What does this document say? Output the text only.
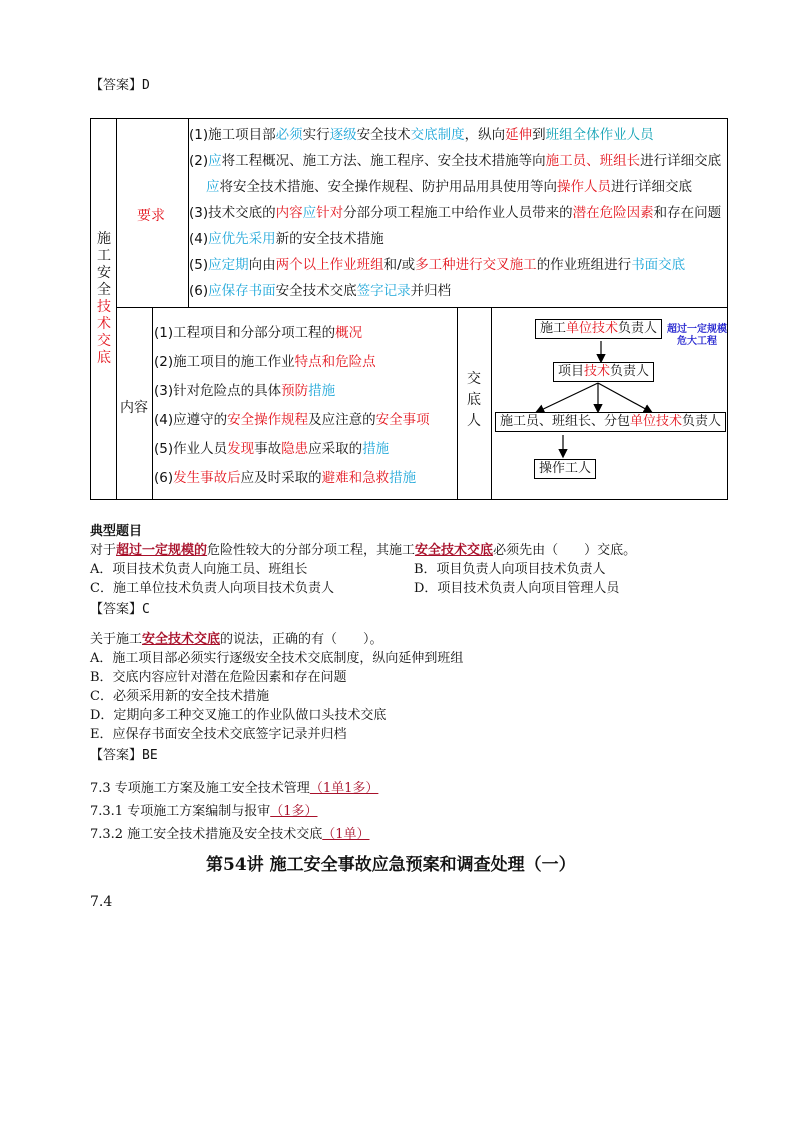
【答案】D
施
工
安
全
技
术
交
底
要求
内容
交
底
人
(1)施工项目部必须实行逐级安全技术交底制度，纵向延伸到班组全体作业人员
(2)应将工程概况、施工方法、施工程序、安全技术措施等向施工员、班组长进行详细交底
应将安全技术措施、安全操作规程、防护用品用具使用等向操作人员进行详细交底
(3)技术交底的内容应针对分部分项工程施工中给作业人员带来的潜在危险因素和存在问题
(4)应优先采用新的安全技术措施
(5)应定期向由两个以上作业班组和/或多工种进行交叉施工的作业班组进行书面交底
(6)应保存书面安全技术交底签字记录并归档
(1)工程项目和分部分项工程的概况
(2)施工项目的施工作业特点和危险点
(3)针对危险点的具体预防措施
(4)应遵守的安全操作规程及应注意的安全事项
(5)作业人员发现事故隐患应采取的措施
(6)发生事故后应及时采取的避难和急救措施
施工单位技术负责人 超过一定规模
危大工程
项目技术负责人
施工员、班组长、分包单位技术负责人
操作工人
典型题目
对于超过一定规模的危险性较大的分部分项工程，其施工安全技术交底必须先由（　　）交底。
A．项目技术负责人向施工员、班组长	B．项目负责人向项目技术负责人
C．施工单位技术负责人向项目技术负责人	D．项目技术负责人向项目管理人员
【答案】C
关于施工安全技术交底的说法，正确的有（　　）。
A．施工项目部必须实行逐级安全技术交底制度，纵向延伸到班组
B．交底内容应针对潜在危险因素和存在问题
C．必须采用新的安全技术措施
D．定期向多工种交叉施工的作业队做口头技术交底
E．应保存书面安全技术交底签字记录并归档
【答案】BE
7.3 专项施工方案及施工安全技术管理（1单1多）
7.3.1 专项施工方案编制与报审（1多）
7.3.2 施工安全技术措施及安全技术交底（1单）
第54讲 施工安全事故应急预案和调查处理（一）
7.4
